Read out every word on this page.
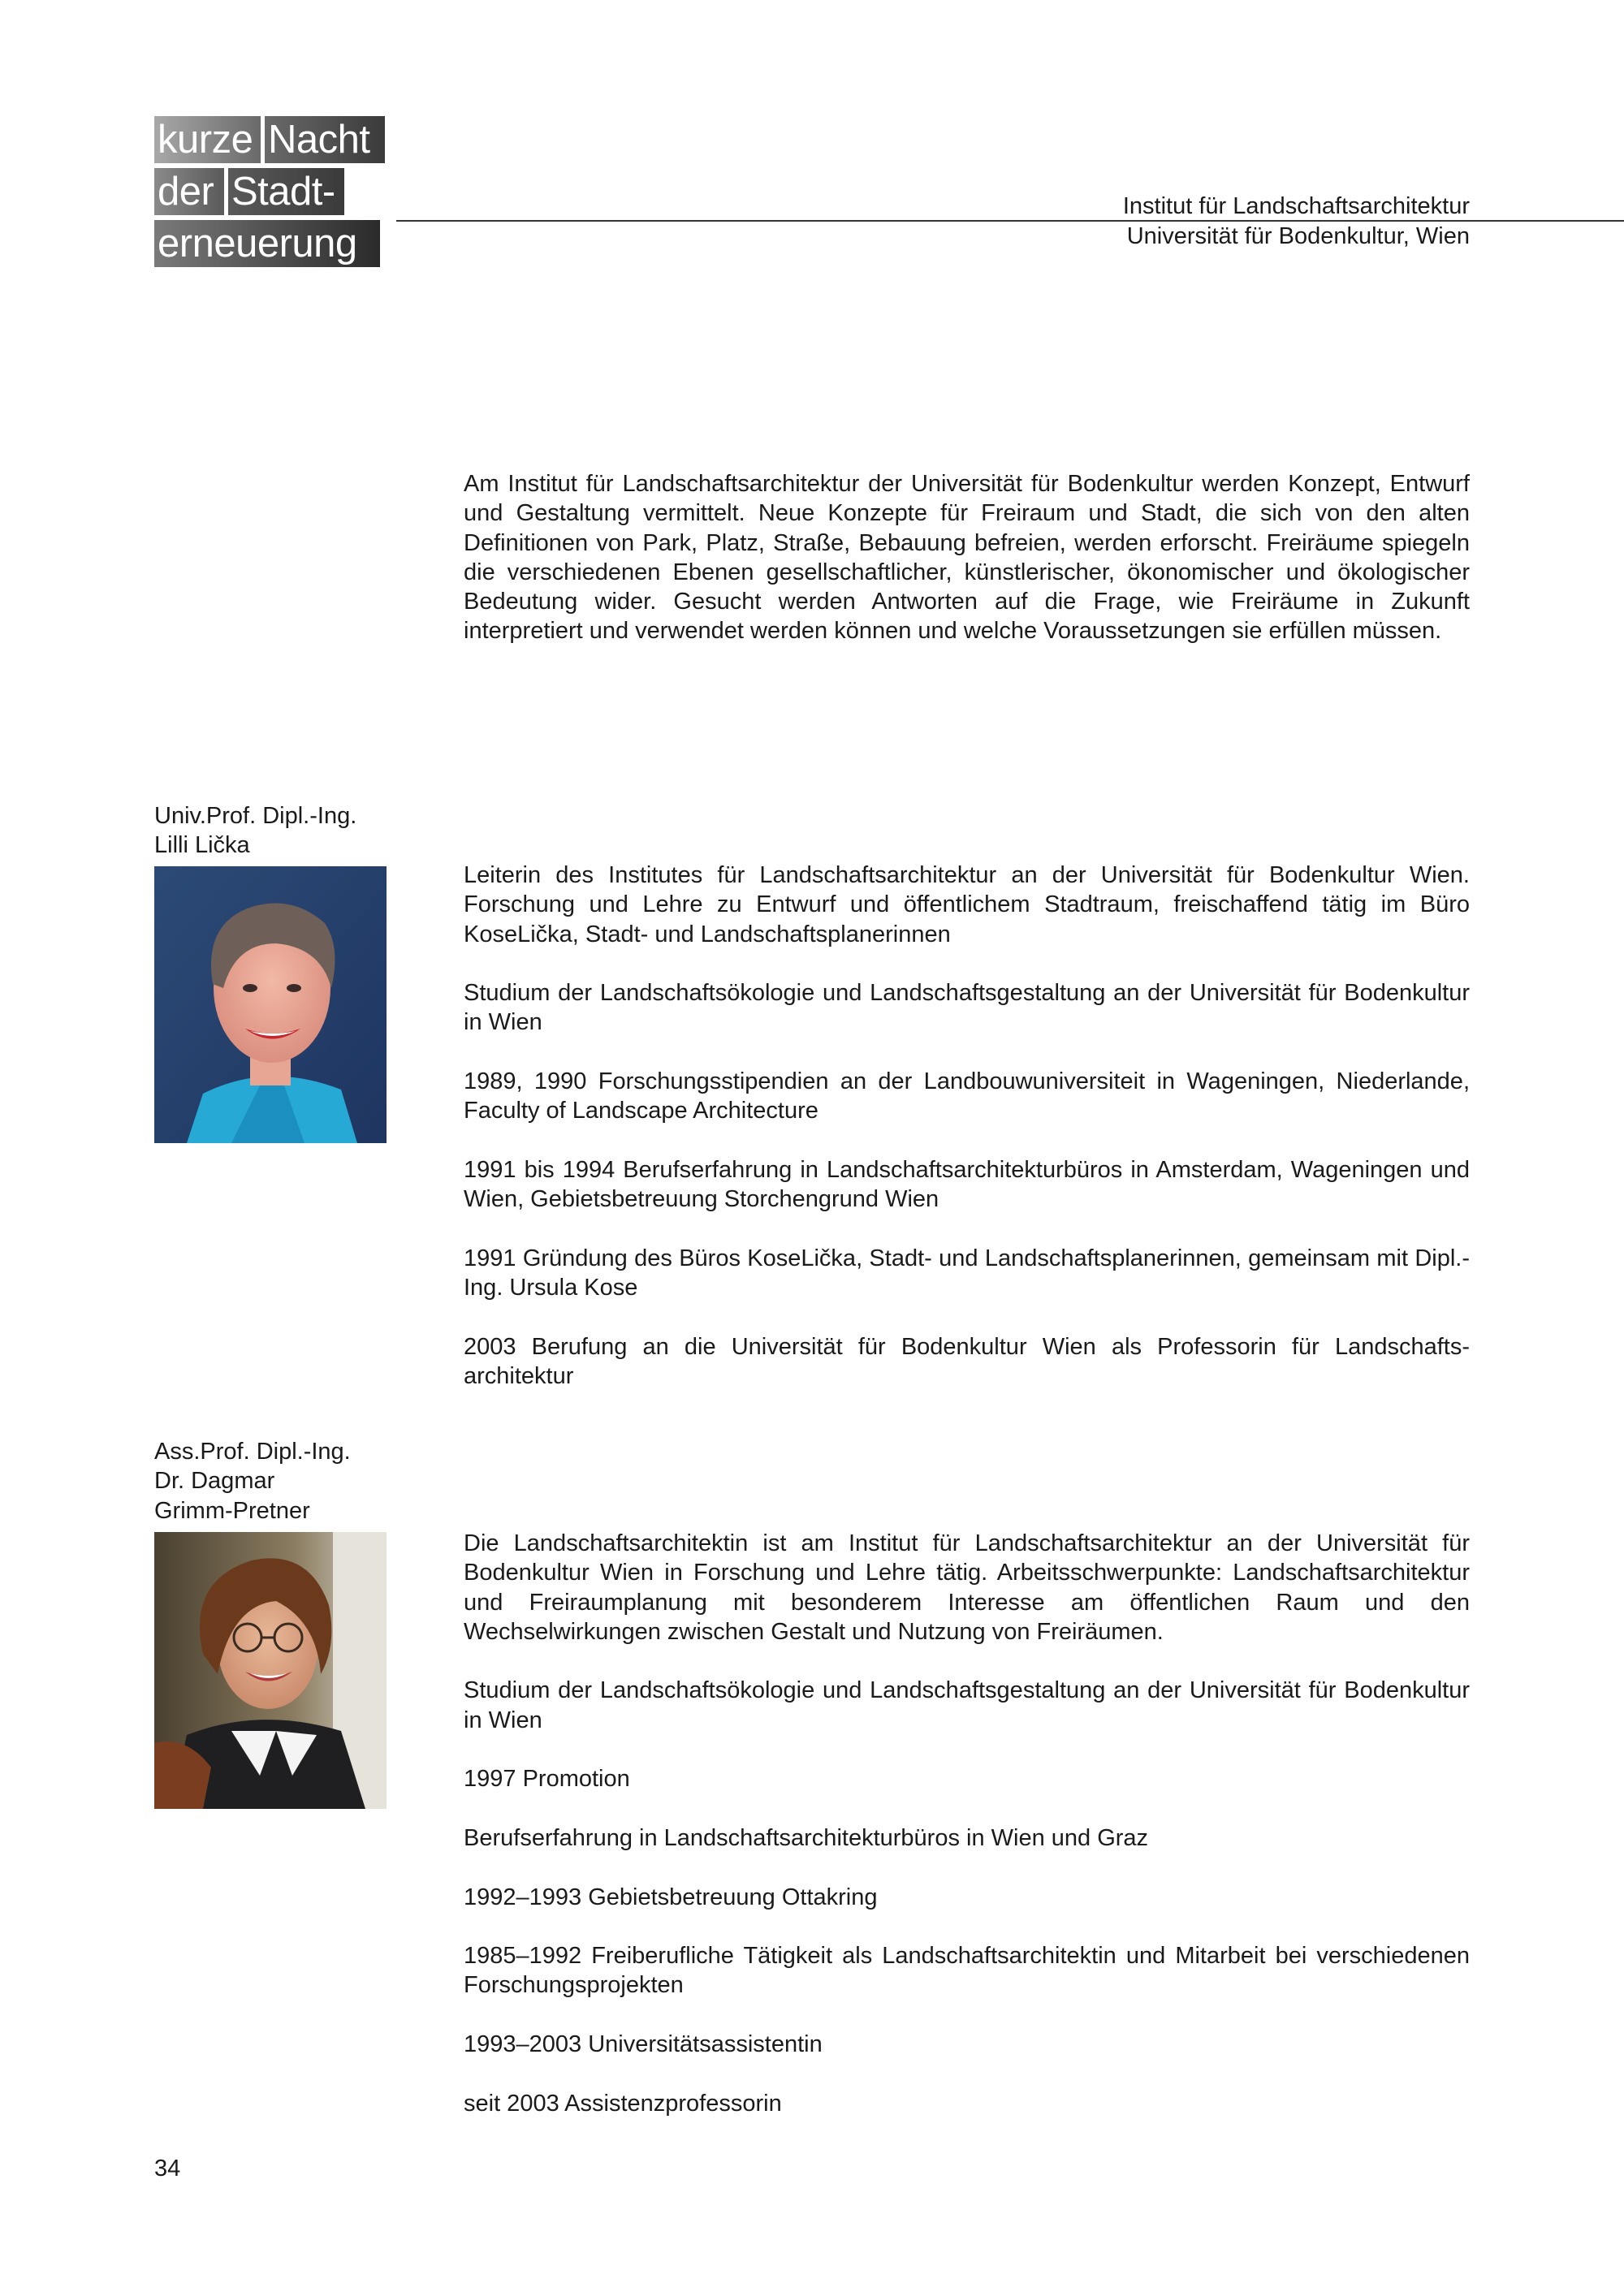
kurze Nacht
der Stadt-
erneuerung
Institut für Landschaftsarchitektur
Universität für Bodenkultur, Wien
Am Institut für Landschaftsarchitektur der Universität für Bodenkultur werden Konzept, Entwurf und Gestaltung vermittelt. Neue Konzepte für Freiraum und Stadt, die sich von den alten Definitionen von Park, Platz, Straße, Bebauung befreien, werden erforscht. Freiräume spiegeln die verschiedenen Ebenen gesellschaftlicher, künstlerischer, ökonomischer und ökologischer Bedeutung wider. Gesucht werden Antworten auf die Frage, wie Freiräume in Zukunft interpretiert und verwendet werden können und welche Voraussetzungen sie erfüllen müssen.
Univ.Prof. Dipl.-Ing.
Lilli Lička

Leiterin des Institutes für Landschaftsarchitektur an der Universität für Bodenkultur Wien. Forschung und Lehre zu Entwurf und öffentlichem Stadtraum, freischaffend tätig im Büro KoseLička, Stadt- und Landschaftsplanerinnen

Studium der Landschaftsökologie und Landschaftsgestaltung an der Universität für Bodenkultur in Wien

1989, 1990 Forschungsstipendien an der Landbouwuniversiteit in Wageningen, Niederlande, Faculty of Landscape Architecture

1991 bis 1994 Berufserfahrung in Landschaftsarchitekturbüros in Amsterdam, Wageningen und Wien, Gebietsbetreuung Storchengrund Wien

1991 Gründung des Büros KoseLička, Stadt- und Landschaftsplanerinnen, gemeinsam mit Dipl.-Ing. Ursula Kose

2003 Berufung an die Universität für Bodenkultur Wien als Professorin für Landschafts-architektur

Ass.Prof. Dipl.-Ing.
Dr. Dagmar
Grimm-Pretner

Die Landschaftsarchitektin ist am Institut für Landschaftsarchitektur an der Universität für Bodenkultur Wien in Forschung und Lehre tätig. Arbeitsschwerpunkte: Landschaftsarchitektur und Freiraumplanung mit besonderem Interesse am öffentlichen Raum und den Wechselwirkungen zwischen Gestalt und Nutzung von Freiräumen.

Studium der Landschaftsökologie und Landschaftsgestaltung an der Universität für Bodenkultur in Wien

1997 Promotion

Berufserfahrung in Landschaftsarchitekturbüros in Wien und Graz

1992–1993 Gebietsbetreuung Ottakring

1985–1992 Freiberufliche Tätigkeit als Landschaftsarchitektin und Mitarbeit bei verschiedenen Forschungsprojekten

1993–2003 Universitätsassistentin

seit 2003 Assistenzprofessorin

34
